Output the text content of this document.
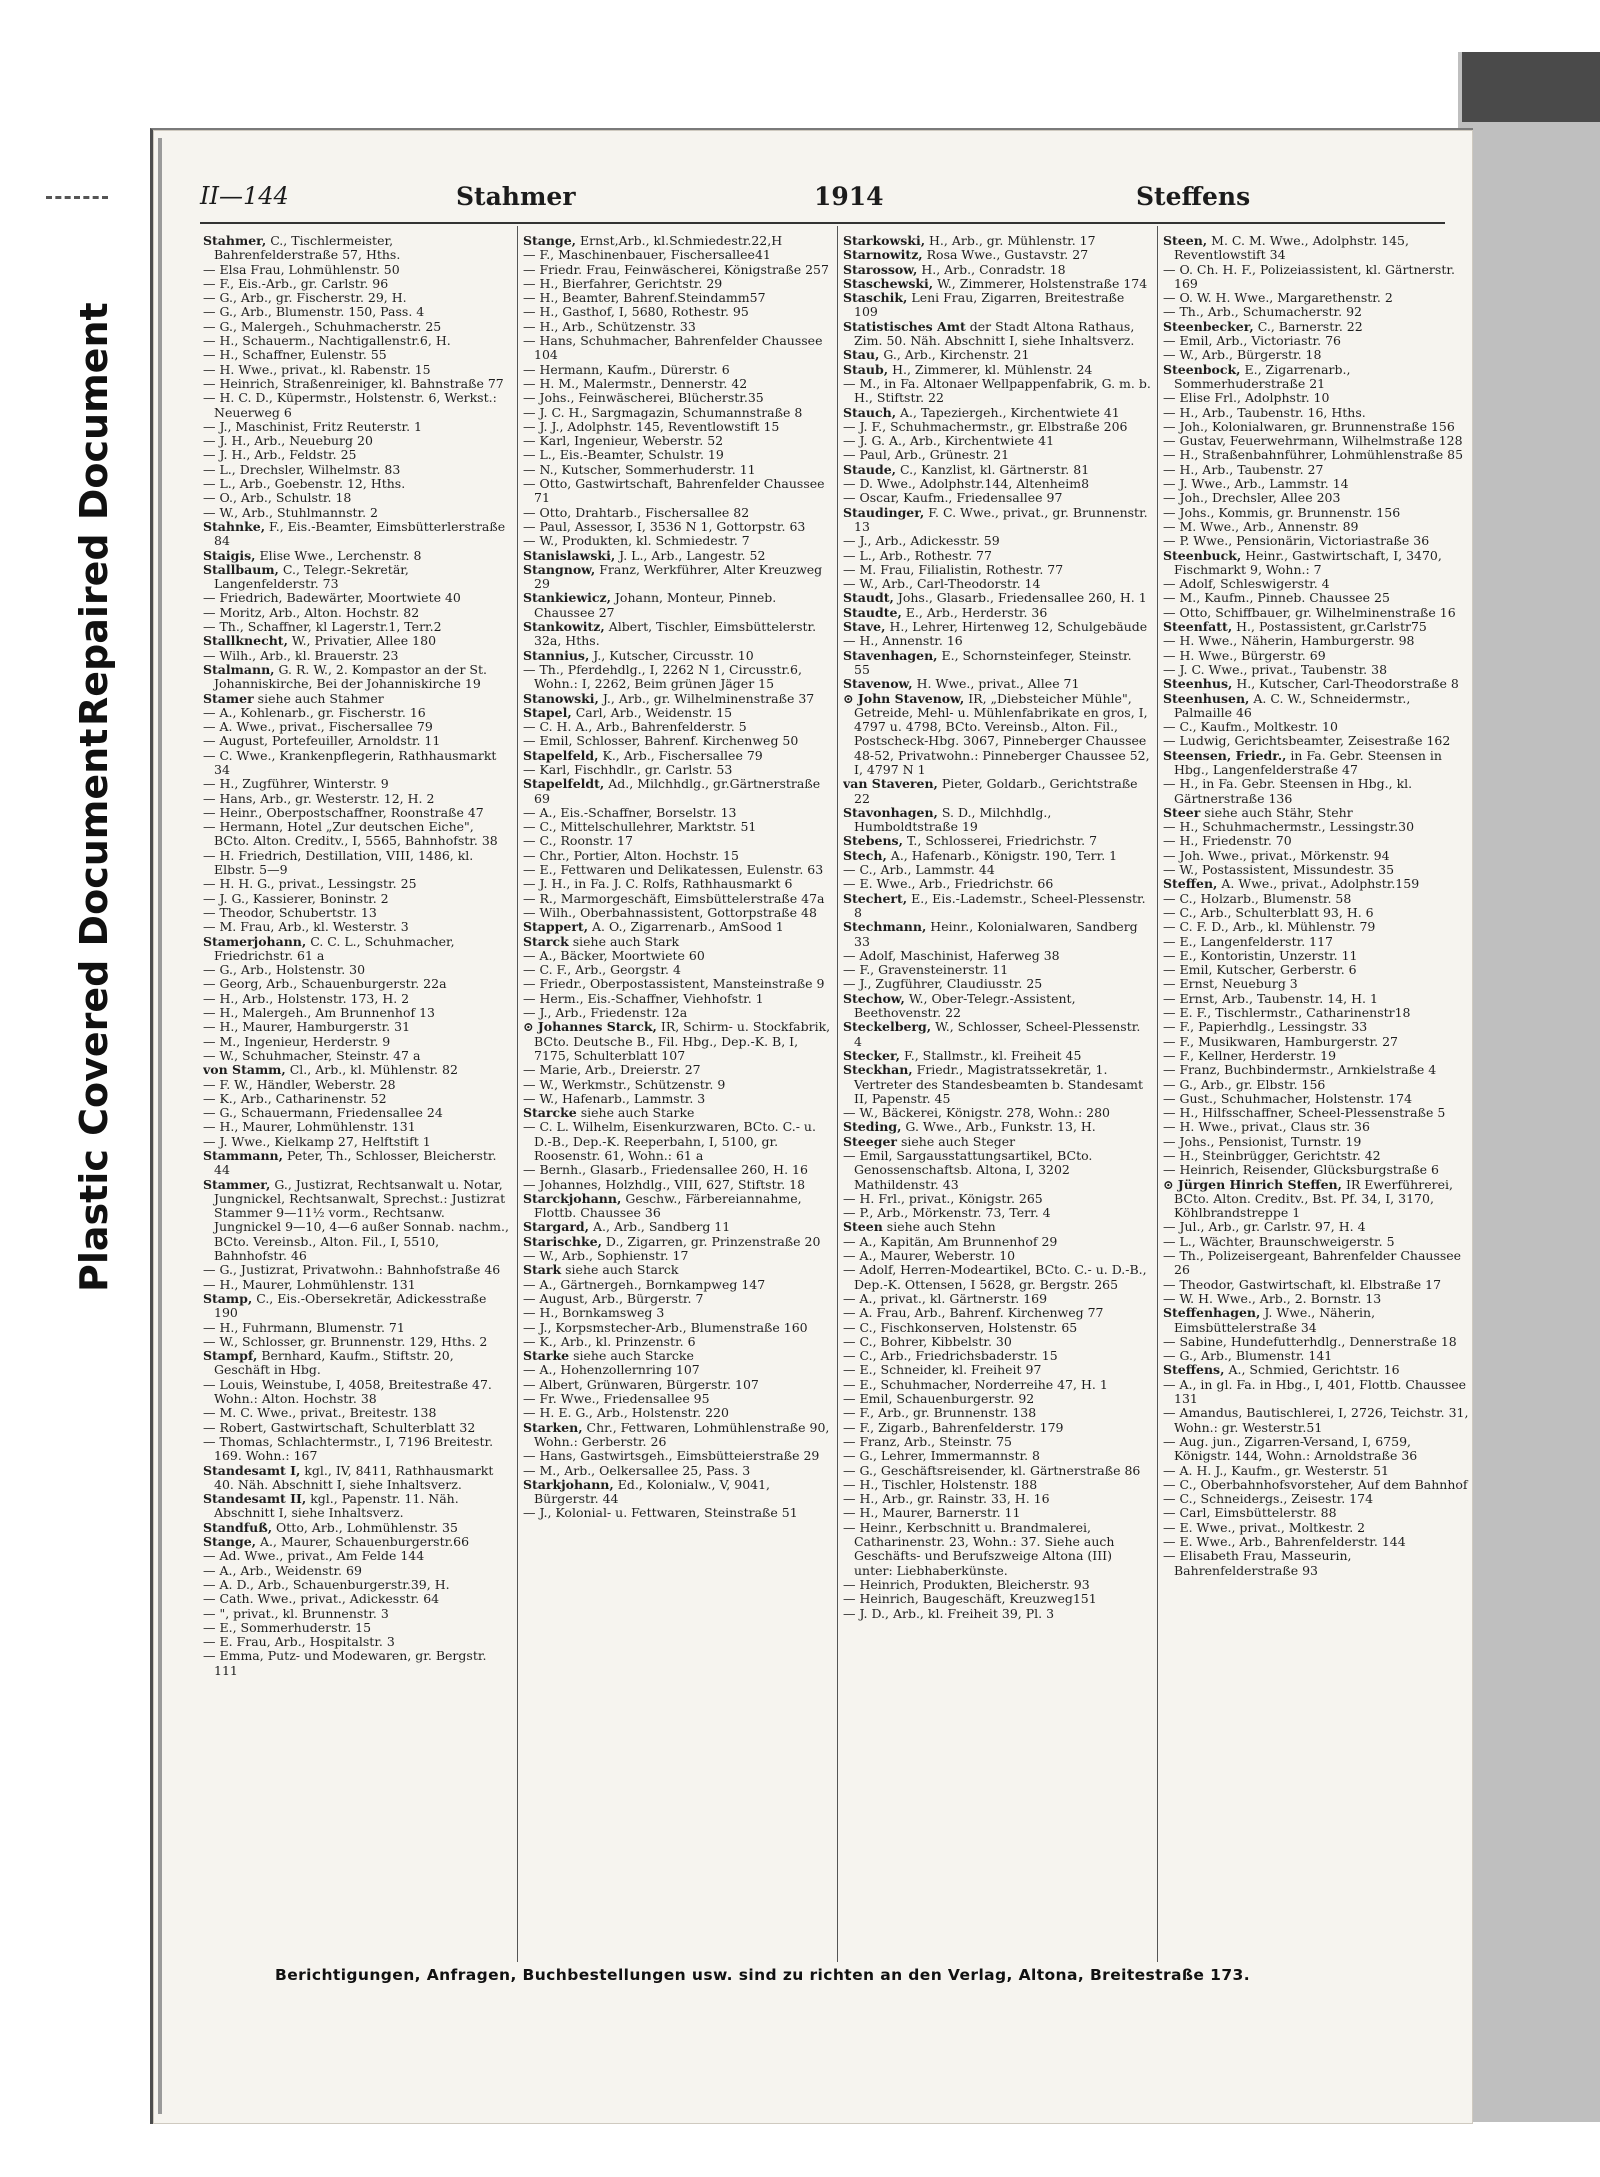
Repaired Document
Plastic Covered Document
II—144	Stahmer	1914	Steffens

Stahmer, C., Tischlermeister, Bahrenfelderstraße 57, Hths.

— Elsa Frau, Lohmühlenstr. 50

— F., Eis.-Arb., gr. Carlstr. 96

— G., Arb., gr. Fischerstr. 29, H.

— G., Arb., Blumenstr. 150, Pass. 4

— G., Malergeh., Schuhmacherstr. 25

— H., Schauerm., Nachtigallenstr.6, H.

— H., Schaffner, Eulenstr. 55

— H. Wwe., privat., kl. Rabenstr. 15

— Heinrich, Straßenreiniger, kl. Bahnstraße 77

— H. C. D., Küpermstr., Holstenstr. 6, Werkst.: Neuerweg 6

— J., Maschinist, Fritz Reuterstr. 1

— J. H., Arb., Neueburg 20

— J. H., Arb., Feldstr. 25

— L., Drechsler, Wilhelmstr. 83

— L., Arb., Goebenstr. 12, Hths.

— O., Arb., Schulstr. 18

— W., Arb., Stuhlmannstr. 2

Stahnke, F., Eis.-Beamter, Eimsbütterlerstraße 84

Staigis, Elise Wwe., Lerchenstr. 8

Stallbaum, C., Telegr.-Sekretär, Langenfelderstr. 73

— Friedrich, Badewärter, Moortwiete 40

— Moritz, Arb., Alton. Hochstr. 82

— Th., Schaffner, kl Lagerstr.1, Terr.2

Stallknecht, W., Privatier, Allee 180

— Wilh., Arb., kl. Brauerstr. 23

Stalmann, G. R. W., 2. Kompastor an der St. Johanniskirche, Bei der Johanniskirche 19

Stamer siehe auch Stahmer

— A., Kohlenarb., gr. Fischerstr. 16

— A. Wwe., privat., Fischersallee 79

— August, Portefeuiller, Arnoldstr. 11

— C. Wwe., Krankenpflegerin, Rathhausmarkt 34

— H., Zugführer, Winterstr. 9

— Hans, Arb., gr. Westerstr. 12, H. 2

— Heinr., Oberpostschaffner, Roonstraße 47

— Hermann, Hotel „Zur deutschen Eiche", BCto. Alton. Creditv., I, 5565, Bahnhofstr. 38

— H. Friedrich, Destillation, VIII, 1486, kl. Elbstr. 5—9

— H. H. G., privat., Lessingstr. 25

— J. G., Kassierer, Boninstr. 2

— Theodor, Schubertstr. 13

— M. Frau, Arb., kl. Westerstr. 3

Stamerjohann, C. C. L., Schuhmacher, Friedrichstr. 61 a

— G., Arb., Holstenstr. 30

— Georg, Arb., Schauenburgerstr. 22a

— H., Arb., Holstenstr. 173, H. 2

— H., Malergeh., Am Brunnenhof 13

— H., Maurer, Hamburgerstr. 31

— M., Ingenieur, Herderstr. 9

— W., Schuhmacher, Steinstr. 47 a

von Stamm, Cl., Arb., kl. Mühlenstr. 82

— F. W., Händler, Weberstr. 28

— K., Arb., Catharinenstr. 52

— G., Schauermann, Friedensallee 24

— H., Maurer, Lohmühlenstr. 131

— J. Wwe., Kielkamp 27, Helftstift 1

Stammann, Peter, Th., Schlosser, Bleicherstr. 44

Stammer, G., Justizrat, Rechtsanwalt u. Notar, Jungnickel, Rechtsanwalt, Sprechst.: Justizrat Stammer 9—11½ vorm., Rechtsanw. Jungnickel 9—10, 4—6 außer Sonnab. nachm., BCto. Vereinsb., Alton. Fil., I, 5510, Bahnhofstr. 46

— G., Justizrat, Privatwohn.: Bahnhofstraße 46

— H., Maurer, Lohmühlenstr. 131

Stamp, C., Eis.-Obersekretär, Adickesstraße 190

— H., Fuhrmann, Blumenstr. 71

— W., Schlosser, gr. Brunnenstr. 129, Hths. 2

Stampf, Bernhard, Kaufm., Stiftstr. 20, Geschäft in Hbg.

— Louis, Weinstube, I, 4058, Breitestraße 47. Wohn.: Alton. Hochstr. 38

— M. C. Wwe., privat., Breitestr. 138

— Robert, Gastwirtschaft, Schulterblatt 32

— Thomas, Schlachtermstr., I, 7196 Breitestr. 169. Wohn.: 167

Standesamt I, kgl., IV, 8411, Rathhausmarkt 40. Näh. Abschnitt I, siehe Inhaltsverz.

Standesamt II, kgl., Papenstr. 11. Näh. Abschnitt I, siehe Inhaltsverz.

Standfuß, Otto, Arb., Lohmühlenstr. 35

Stange, A., Maurer, Schauenburgerstr.66

— Ad. Wwe., privat., Am Felde 144

— A., Arb., Weidenstr. 69

— A. D., Arb., Schauenburgerstr.39, H.

— Cath. Wwe., privat., Adickesstr. 64

— ", privat., kl. Brunnenstr. 3

— E., Sommerhuderstr. 15

— E. Frau, Arb., Hospitalstr. 3

— Emma, Putz- und Modewaren, gr. Bergstr. 111

Stange, Ernst,Arb., kl.Schmiedestr.22,H

— F., Maschinenbauer, Fischersallee41

— Friedr. Frau, Feinwäscherei, Königstraße 257

— H., Bierfahrer, Gerichtstr. 29

— H., Beamter, Bahrenf.Steindamm57

— H., Gasthof, I, 5680, Rothestr. 95

— H., Arb., Schützenstr. 33

— Hans, Schuhmacher, Bahrenfelder Chaussee 104

— Hermann, Kaufm., Dürerstr. 6

— H. M., Malermstr., Dennerstr. 42

— Johs., Feinwäscherei, Blücherstr.35

— J. C. H., Sargmagazin, Schumannstraße 8

— J. J., Adolphstr. 145, Reventlowstift 15

— Karl, Ingenieur, Weberstr. 52

— L., Eis.-Beamter, Schulstr. 19

— N., Kutscher, Sommerhuderstr. 11

— Otto, Gastwirtschaft, Bahrenfelder Chaussee 71

— Otto, Drahtarb., Fischersallee 82

— Paul, Assessor, I, 3536 N 1, Gottorpstr. 63

— W., Produkten, kl. Schmiedestr. 7

Stanislawski, J. L., Arb., Langestr. 52

Stangnow, Franz, Werkführer, Alter Kreuzweg 29

Stankiewicz, Johann, Monteur, Pinneb. Chaussee 27

Stankowitz, Albert, Tischler, Eimsbüttelerstr. 32a, Hths.

Stannius, J., Kutscher, Circusstr. 10

— Th., Pferdehdlg., I, 2262 N 1, Circusstr.6, Wohn.: I, 2262, Beim grünen Jäger 15

Stanowski, J., Arb., gr. Wilhelminenstraße 37

Stapel, Carl, Arb., Weidenstr. 15

— C. H. A., Arb., Bahrenfelderstr. 5

— Emil, Schlosser, Bahrenf. Kirchenweg 50

Stapelfeld, K., Arb., Fischersallee 79

— Karl, Fischhdlr., gr. Carlstr. 53

Stapelfeldt, Ad., Milchhdlg., gr.Gärtnerstraße 69

— A., Eis.-Schaffner, Borselstr. 13

— C., Mittelschullehrer, Marktstr. 51

— C., Roonstr. 17

— Chr., Portier, Alton. Hochstr. 15

— E., Fettwaren und Delikatessen, Eulenstr. 63

— J. H., in Fa. J. C. Rolfs, Rathhausmarkt 6

— R., Marmorgeschäft, Eimsbüttelerstraße 47a

— Wilh., Oberbahnassistent, Gottorpstraße 48

Stappert, A. O., Zigarrenarb., AmSood 1

Starck siehe auch Stark

— A., Bäcker, Moortwiete 60

— C. F., Arb., Georgstr. 4

— Friedr., Oberpostassistent, Mansteinstraße 9

— Herm., Eis.-Schaffner, Viehhofstr. 1

— J., Arb., Friedenstr. 12a

⊙ Johannes Starck, IR, Schirm- u. Stockfabrik, BCto. Deutsche B., Fil. Hbg., Dep.-K. B, I, 7175, Schulterblatt 107

— Marie, Arb., Dreierstr. 27

— W., Werkmstr., Schützenstr. 9

— W., Hafenarb., Lammstr. 3

Starcke siehe auch Starke

— C. L. Wilhelm, Eisenkurzwaren, BCto. C.- u. D.-B., Dep.-K. Reeperbahn, I, 5100, gr. Roosenstr. 61, Wohn.: 61 a

— Bernh., Glasarb., Friedensallee 260, H. 16

— Johannes, Holzhdlg., VIII, 627, Stiftstr. 18

Starckjohann, Geschw., Färbereiannahme, Flottb. Chaussee 36

Stargard, A., Arb., Sandberg 11

Starischke, D., Zigarren, gr. Prinzenstraße 20

— W., Arb., Sophienstr. 17

Stark siehe auch Starck

— A., Gärtnergeh., Bornkampweg 147

— August, Arb., Bürgerstr. 7

— H., Bornkamsweg 3

— J., Korpsmstecher-Arb., Blumenstraße 160

— K., Arb., kl. Prinzenstr. 6

Starke siehe auch Starcke

— A., Hohenzollernring 107

— Albert, Grünwaren, Bürgerstr. 107

— Fr. Wwe., Friedensallee 95

— H. E. G., Arb., Holstenstr. 220

Starken, Chr., Fettwaren, Lohmühlenstraße 90, Wohn.: Gerberstr. 26

— Hans, Gastwirtsgeh., Eimsbütteierstraße 29

— M., Arb., Oelkersallee 25, Pass. 3

Starkjohann, Ed., Kolonialw., V, 9041, Bürgerstr. 44

— J., Kolonial- u. Fettwaren, Steinstraße 51

Starkowski, H., Arb., gr. Mühlenstr. 17

Starnowitz, Rosa Wwe., Gustavstr. 27

Starossow, H., Arb., Conradstr. 18

Staschewski, W., Zimmerer, Holstenstraße 174

Staschik, Leni Frau, Zigarren, Breitestraße 109

Statistisches Amt der Stadt Altona Rathaus, Zim. 50. Näh. Abschnitt I, siehe Inhaltsverz.

Stau, G., Arb., Kirchenstr. 21

Staub, H., Zimmerer, kl. Mühlenstr. 24

— M., in Fa. Altonaer Wellpappenfabrik, G. m. b. H., Stiftstr. 22

Stauch, A., Tapeziergeh., Kirchentwiete 41

— J. F., Schuhmachermstr., gr. Elbstraße 206

— J. G. A., Arb., Kirchentwiete 41

— Paul, Arb., Grünestr. 21

Staude, C., Kanzlist, kl. Gärtnerstr. 81

— D. Wwe., Adolphstr.144, Altenheim8

— Oscar, Kaufm., Friedensallee 97

Staudinger, F. C. Wwe., privat., gr. Brunnenstr. 13

— J., Arb., Adickesstr. 59

— L., Arb., Rothestr. 77

— M. Frau, Filialistin, Rothestr. 77

— W., Arb., Carl-Theodorstr. 14

Staudt, Johs., Glasarb., Friedensallee 260, H. 1

Staudte, E., Arb., Herderstr. 36

Stave, H., Lehrer, Hirtenweg 12, Schulgebäude

— H., Annenstr. 16

Stavenhagen, E., Schornsteinfeger, Steinstr. 55

Stavenow, H. Wwe., privat., Allee 71

⊙ John Stavenow, IR, „Diebsteicher Mühle", Getreide, Mehl- u. Mühlenfabrikate en gros, I, 4797 u. 4798, BCto. Vereinsb., Alton. Fil., Postscheck-Hbg. 3067, Pinneberger Chaussee 48-52, Privatwohn.: Pinneberger Chaussee 52, I, 4797 N 1

van Staveren, Pieter, Goldarb., Gerichtstraße 22

Stavonhagen, S. D., Milchhdlg., Humboldtstraße 19

Stebens, T., Schlosserei, Friedrichstr. 7

Stech, A., Hafenarb., Königstr. 190, Terr. 1

— C., Arb., Lammstr. 44

— E. Wwe., Arb., Friedrichstr. 66

Stechert, E., Eis.-Lademstr., Scheel-Plessenstr. 8

Stechmann, Heinr., Kolonialwaren, Sandberg 33

— Adolf, Maschinist, Haferweg 38

— F., Gravensteinerstr. 11

— J., Zugführer, Claudiusstr. 25

Stechow, W., Ober-Telegr.-Assistent, Beethovenstr. 22

Steckelberg, W., Schlosser, Scheel-Plessenstr. 4

Stecker, F., Stallmstr., kl. Freiheit 45

Steckhan, Friedr., Magistratssekretär, 1. Vertreter des Standesbeamten b. Standesamt II, Papenstr. 45

— W., Bäckerei, Königstr. 278, Wohn.: 280

Steding, G. Wwe., Arb., Funkstr. 13, H.

Steeger siehe auch Steger

— Emil, Sargausstattungsartikel, BCto. Genossenschaftsb. Altona, I, 3202 Mathildenstr. 43

— H. Frl., privat., Königstr. 265

— P., Arb., Mörkenstr. 73, Terr. 4

Steen siehe auch Stehn

— A., Kapitän, Am Brunnenhof 29

— A., Maurer, Weberstr. 10

— Adolf, Herren-Modeartikel, BCto. C.- u. D.-B., Dep.-K. Ottensen, I 5628, gr. Bergstr. 265

— A., privat., kl. Gärtnerstr. 169

— A. Frau, Arb., Bahrenf. Kirchenweg 77

— C., Fischkonserven, Holstenstr. 65

— C., Bohrer, Kibbelstr. 30

— C., Arb., Friedrichsbaderstr. 15

— E., Schneider, kl. Freiheit 97

— E., Schuhmacher, Norderreihe 47, H. 1

— Emil, Schauenburgerstr. 92

— F., Arb., gr. Brunnenstr. 138

— F., Zigarb., Bahrenfelderstr. 179

— Franz, Arb., Steinstr. 75

— G., Lehrer, Immermannstr. 8

— G., Geschäftsreisender, kl. Gärtnerstraße 86

— H., Tischler, Holstenstr. 188

— H., Arb., gr. Rainstr. 33, H. 16

— H., Maurer, Barnerstr. 11

— Heinr., Kerbschnitt u. Brandmalerei, Catharinenstr. 23, Wohn.: 37. Siehe auch Geschäfts- und Berufszweige Altona (III) unter: Liebhaberkünste.

— Heinrich, Produkten, Bleicherstr. 93

— Heinrich, Baugeschäft, Kreuzweg151

— J. D., Arb., kl. Freiheit 39, Pl. 3

Steen, M. C. M. Wwe., Adolphstr. 145, Reventlowstift 34

— O. Ch. H. F., Polizeiassistent, kl. Gärtnerstr. 169

— O. W. H. Wwe., Margarethenstr. 2

— Th., Arb., Schumacherstr. 92

Steenbecker, C., Barnerstr. 22

— Emil, Arb., Victoriastr. 76

— W., Arb., Bürgerstr. 18

Steenbock, E., Zigarrenarb., Sommerhuderstraße 21

— Elise Frl., Adolphstr. 10

— H., Arb., Taubenstr. 16, Hths.

— Joh., Kolonialwaren, gr. Brunnenstraße 156

— Gustav, Feuerwehrmann, Wilhelmstraße 128

— H., Straßenbahnführer, Lohmühlenstraße 85

— H., Arb., Taubenstr. 27

— J. Wwe., Arb., Lammstr. 14

— Joh., Drechsler, Allee 203

— Johs., Kommis, gr. Brunnenstr. 156

— M. Wwe., Arb., Annenstr. 89

— P. Wwe., Pensionärin, Victoriastraße 36

Steenbuck, Heinr., Gastwirtschaft, I, 3470, Fischmarkt 9, Wohn.: 7

— Adolf, Schleswigerstr. 4

— M., Kaufm., Pinneb. Chaussee 25

— Otto, Schiffbauer, gr. Wilhelminenstraße 16

Steenfatt, H., Postassistent, gr.Carlstr75

— H. Wwe., Näherin, Hamburgerstr. 98

— H. Wwe., Bürgerstr. 69

— J. C. Wwe., privat., Taubenstr. 38

Steenhus, H., Kutscher, Carl-Theodorstraße 8

Steenhusen, A. C. W., Schneidermstr., Palmaille 46

— C., Kaufm., Moltkestr. 10

— Ludwig, Gerichtsbeamter, Zeisestraße 162

Steensen, Friedr., in Fa. Gebr. Steensen in Hbg., Langenfelderstraße 47

— H., in Fa. Gebr. Steensen in Hbg., kl. Gärtnerstraße 136

Steer siehe auch Stähr, Stehr

— H., Schuhmachermstr., Lessingstr.30

— H., Friedenstr. 70

— Joh. Wwe., privat., Mörkenstr. 94

— W., Postassistent, Missundestr. 35

Steffen, A. Wwe., privat., Adolphstr.159

— C., Holzarb., Blumenstr. 58

— C., Arb., Schulterblatt 93, H. 6

— C. F. D., Arb., kl. Mühlenstr. 79

— E., Langenfelderstr. 117

— E., Kontoristin, Unzerstr. 11

— Emil, Kutscher, Gerberstr. 6

— Ernst, Neueburg 3

— Ernst, Arb., Taubenstr. 14, H. 1

— E. F., Tischlermstr., Catharinenstr18

— F., Papierhdlg., Lessingstr. 33

— F., Musikwaren, Hamburgerstr. 27

— F., Kellner, Herderstr. 19

— Franz, Buchbindermstr., Arnkielstraße 4

— G., Arb., gr. Elbstr. 156

— Gust., Schuhmacher, Holstenstr. 174

— H., Hilfsschaffner, Scheel-Plessenstraße 5

— H. Wwe., privat., Claus str. 36

— Johs., Pensionist, Turnstr. 19

— H., Steinbrügger, Gerichtstr. 42

— Heinrich, Reisender, Glücksburgstraße 6

⊙ Jürgen Hinrich Steffen, IR Ewerführerei, BCto. Alton. Creditv., Bst. Pf. 34, I, 3170, Köhlbrandstreppe 1

— Jul., Arb., gr. Carlstr. 97, H. 4

— L., Wächter, Braunschweigerstr. 5

— Th., Polizeisergeant, Bahrenfelder Chaussee 26

— Theodor, Gastwirtschaft, kl. Elbstraße 17

— W. H. Wwe., Arb., 2. Bornstr. 13

Steffenhagen, J. Wwe., Näherin, Eimsbüttelerstraße 34

— Sabine, Hundefutterhdlg., Dennerstraße 18

— G., Arb., Blumenstr. 141

Steffens, A., Schmied, Gerichtstr. 16

— A., in gl. Fa. in Hbg., I, 401, Flottb. Chaussee 131

— Amandus, Bautischlerei, I, 2726, Teichstr. 31, Wohn.: gr. Westerstr.51

— Aug. jun., Zigarren-Versand, I, 6759, Königstr. 144, Wohn.: Arnoldstraße 36

— A. H. J., Kaufm., gr. Westerstr. 51

— C., Oberbahnhofsvorsteher, Auf dem Bahnhof

— C., Schneidergs., Zeisestr. 174

— Carl, Eimsbüttelerstr. 88

— E. Wwe., privat., Moltkestr. 2

— E. Wwe., Arb., Bahrenfelderstr. 144

— Elisabeth Frau, Masseurin, Bahrenfelderstraße 93

Berichtigungen, Anfragen, Buchbestellungen usw. sind zu richten an den Verlag, Altona, Breitestraße 173.
